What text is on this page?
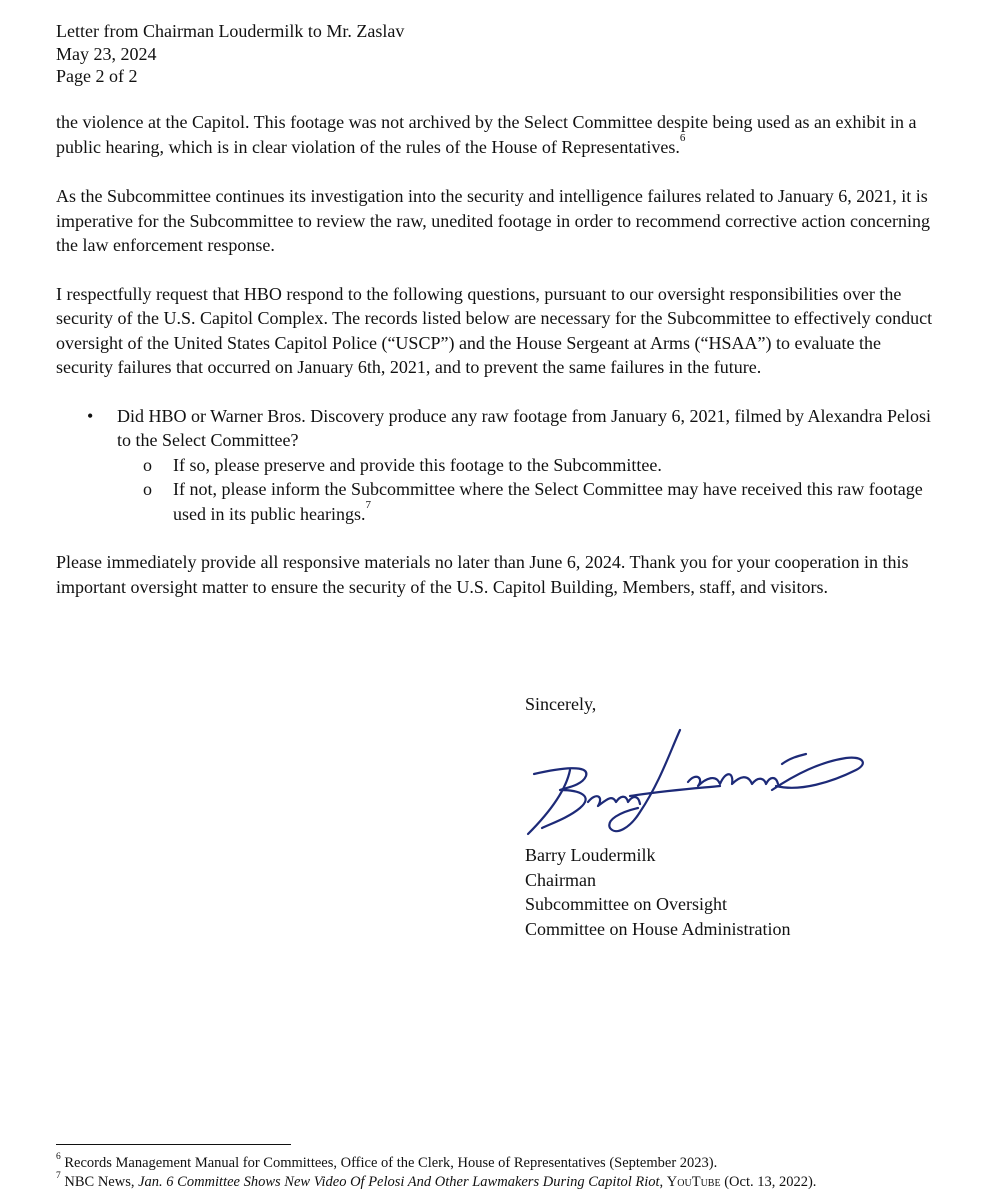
Letter from Chairman Loudermilk to Mr. Zaslav
May 23, 2024
Page 2 of 2

the violence at the Capitol. This footage was not archived by the Select Committee despite being used as an exhibit in a public hearing, which is in clear violation of the rules of the House of Representatives.$^6$

As the Subcommittee continues its investigation into the security and intelligence failures related to January 6, 2021, it is imperative for the Subcommittee to review the raw, unedited footage in order to recommend corrective action concerning the law enforcement response.

I respectfully request that HBO respond to the following questions, pursuant to our oversight responsibilities over the security of the U.S. Capitol Complex. The records listed below are necessary for the Subcommittee to effectively conduct oversight of the United States Capitol Police (“USCP”) and the House Sergeant at Arms (“HSAA”) to evaluate the security failures that occurred on January 6th, 2021, and to prevent the same failures in the future.

• Did HBO or Warner Bros. Discovery produce any raw footage from January 6, 2021, filmed by Alexandra Pelosi to the Select Committee?
o If so, please preserve and provide this footage to the Subcommittee.
o If not, please inform the Subcommittee where the Select Committee may have received this raw footage used in its public hearings.$^7$

Please immediately provide all responsive materials no later than June 6, 2024. Thank you for your cooperation in this important oversight matter to ensure the security of the U.S. Capitol Building, Members, staff, and visitors.

Sincerely,
Barry Loudermilk
Chairman
Subcommittee on Oversight
Committee on House Administration
$^6$ Records Management Manual for Committees, Office of the Clerk, House of Representatives (September 2023).
$^7$ NBC News, Jan. 6 Committee Shows New Video Of Pelosi And Other Lawmakers During Capitol Riot, YouTube (Oct. 13, 2022).
